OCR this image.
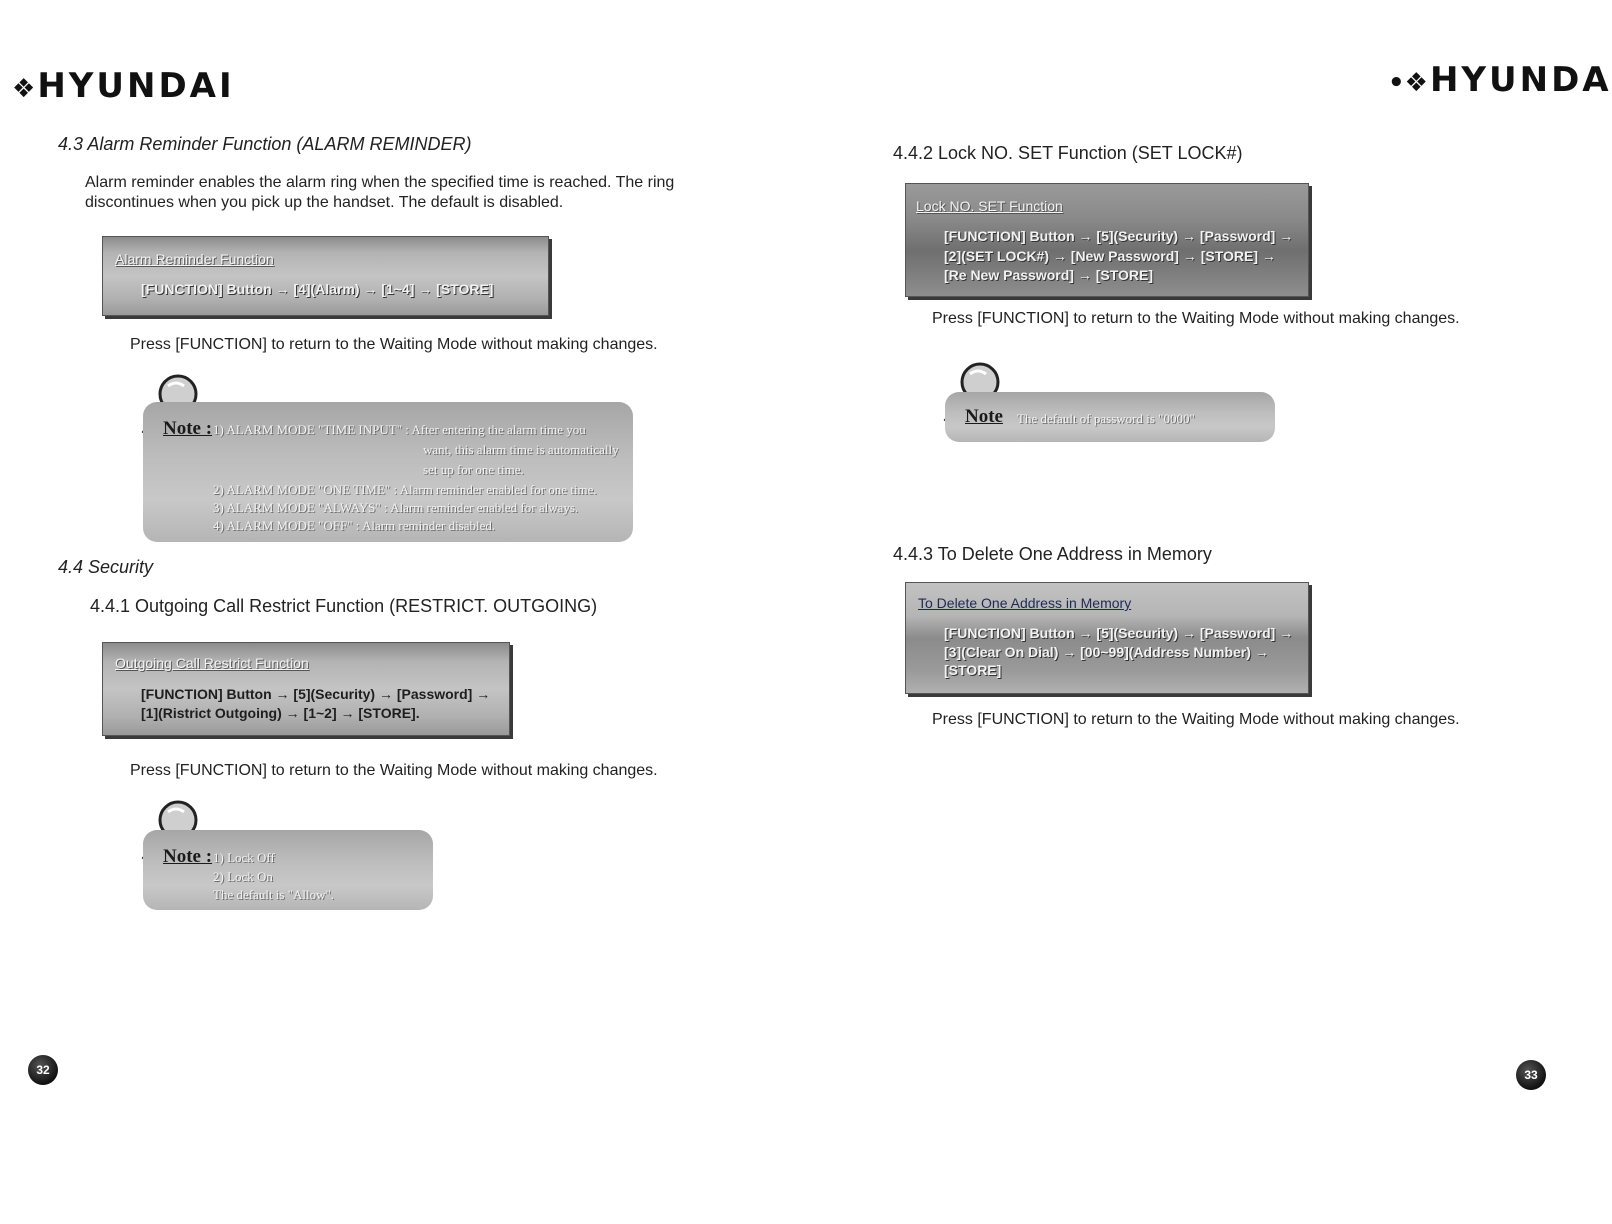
❖HYUNDAI	•❖HYUNDA
4.3 Alarm Reminder Function (ALARM REMINDER)
Alarm reminder enables the alarm ring when the specified time is reached. The ring
discontinues when you pick up the handset. The default is disabled.
Alarm Reminder Function
[FUNCTION] Button → [4](Alarm) → [1~4] → [STORE]
Press [FUNCTION] to return to the Waiting Mode without making changes.
Note : 1) ALARM MODE "TIME INPUT" : After entering the alarm time you
want, this alarm time is automatically
set up for one time.
2) ALARM MODE "ONE TIME" : Alarm reminder enabled for one time.
3) ALARM MODE "ALWAYS" : Alarm reminder enabled for always.
4) ALARM MODE "OFF" : Alarm reminder disabled.
4.4 Security
4.4.1 Outgoing Call Restrict Function (RESTRICT. OUTGOING)
Outgoing Call Restrict Function
[FUNCTION] Button → [5](Security) → [Password] →
[1](Ristrict Outgoing) → [1~2] → [STORE].
Press [FUNCTION] to return to the Waiting Mode without making changes.
Note : 1) Lock Off
2) Lock On
The default is "Allow".
32
4.4.2 Lock NO. SET Function (SET LOCK#)
Lock NO. SET Function
[FUNCTION] Button → [5](Security) → [Password] →
[2](SET LOCK#) → [New Password] → [STORE] →
[Re New Password] → [STORE]
Press [FUNCTION] to return to the Waiting Mode without making changes.
Note The default of password is "0000"
4.4.3 To Delete One Address in Memory
To Delete One Address in Memory
[FUNCTION] Button → [5](Security) → [Password] →
[3](Clear On Dial) → [00~99](Address Number) →
[STORE]
Press [FUNCTION] to return to the Waiting Mode without making changes.
33
